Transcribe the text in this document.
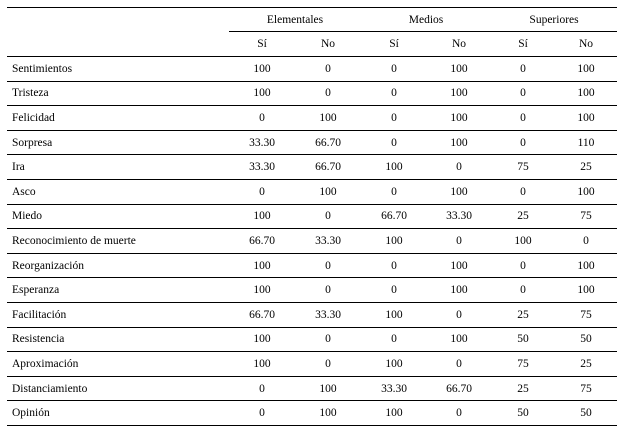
	Elementales		Medios		Superiores	
	Sí	No	Sí	No	Sí	No
Sentimientos	100	0	0	100	0	100
Tristeza	100	0	0	100	0	100
Felicidad	0	100	0	100	0	100
Sorpresa	33.30	66.70	0	100	0	110
Ira	33.30	66.70	100	0	75	25
Asco	0	100	0	100	0	100
Miedo	100	0	66.70	33.30	25	75
Reconocimiento de muerte	66.70	33.30	100	0	100	0
Reorganización	100	0	0	100	0	100
Esperanza	100	0	0	100	0	100
Facilitación	66.70	33.30	100	0	25	75
Resistencia	100	0	0	100	50	50
Aproximación	100	0	100	0	75	25
Distanciamiento	0	100	33.30	66.70	25	75
Opinión	0	100	100	0	50	50
